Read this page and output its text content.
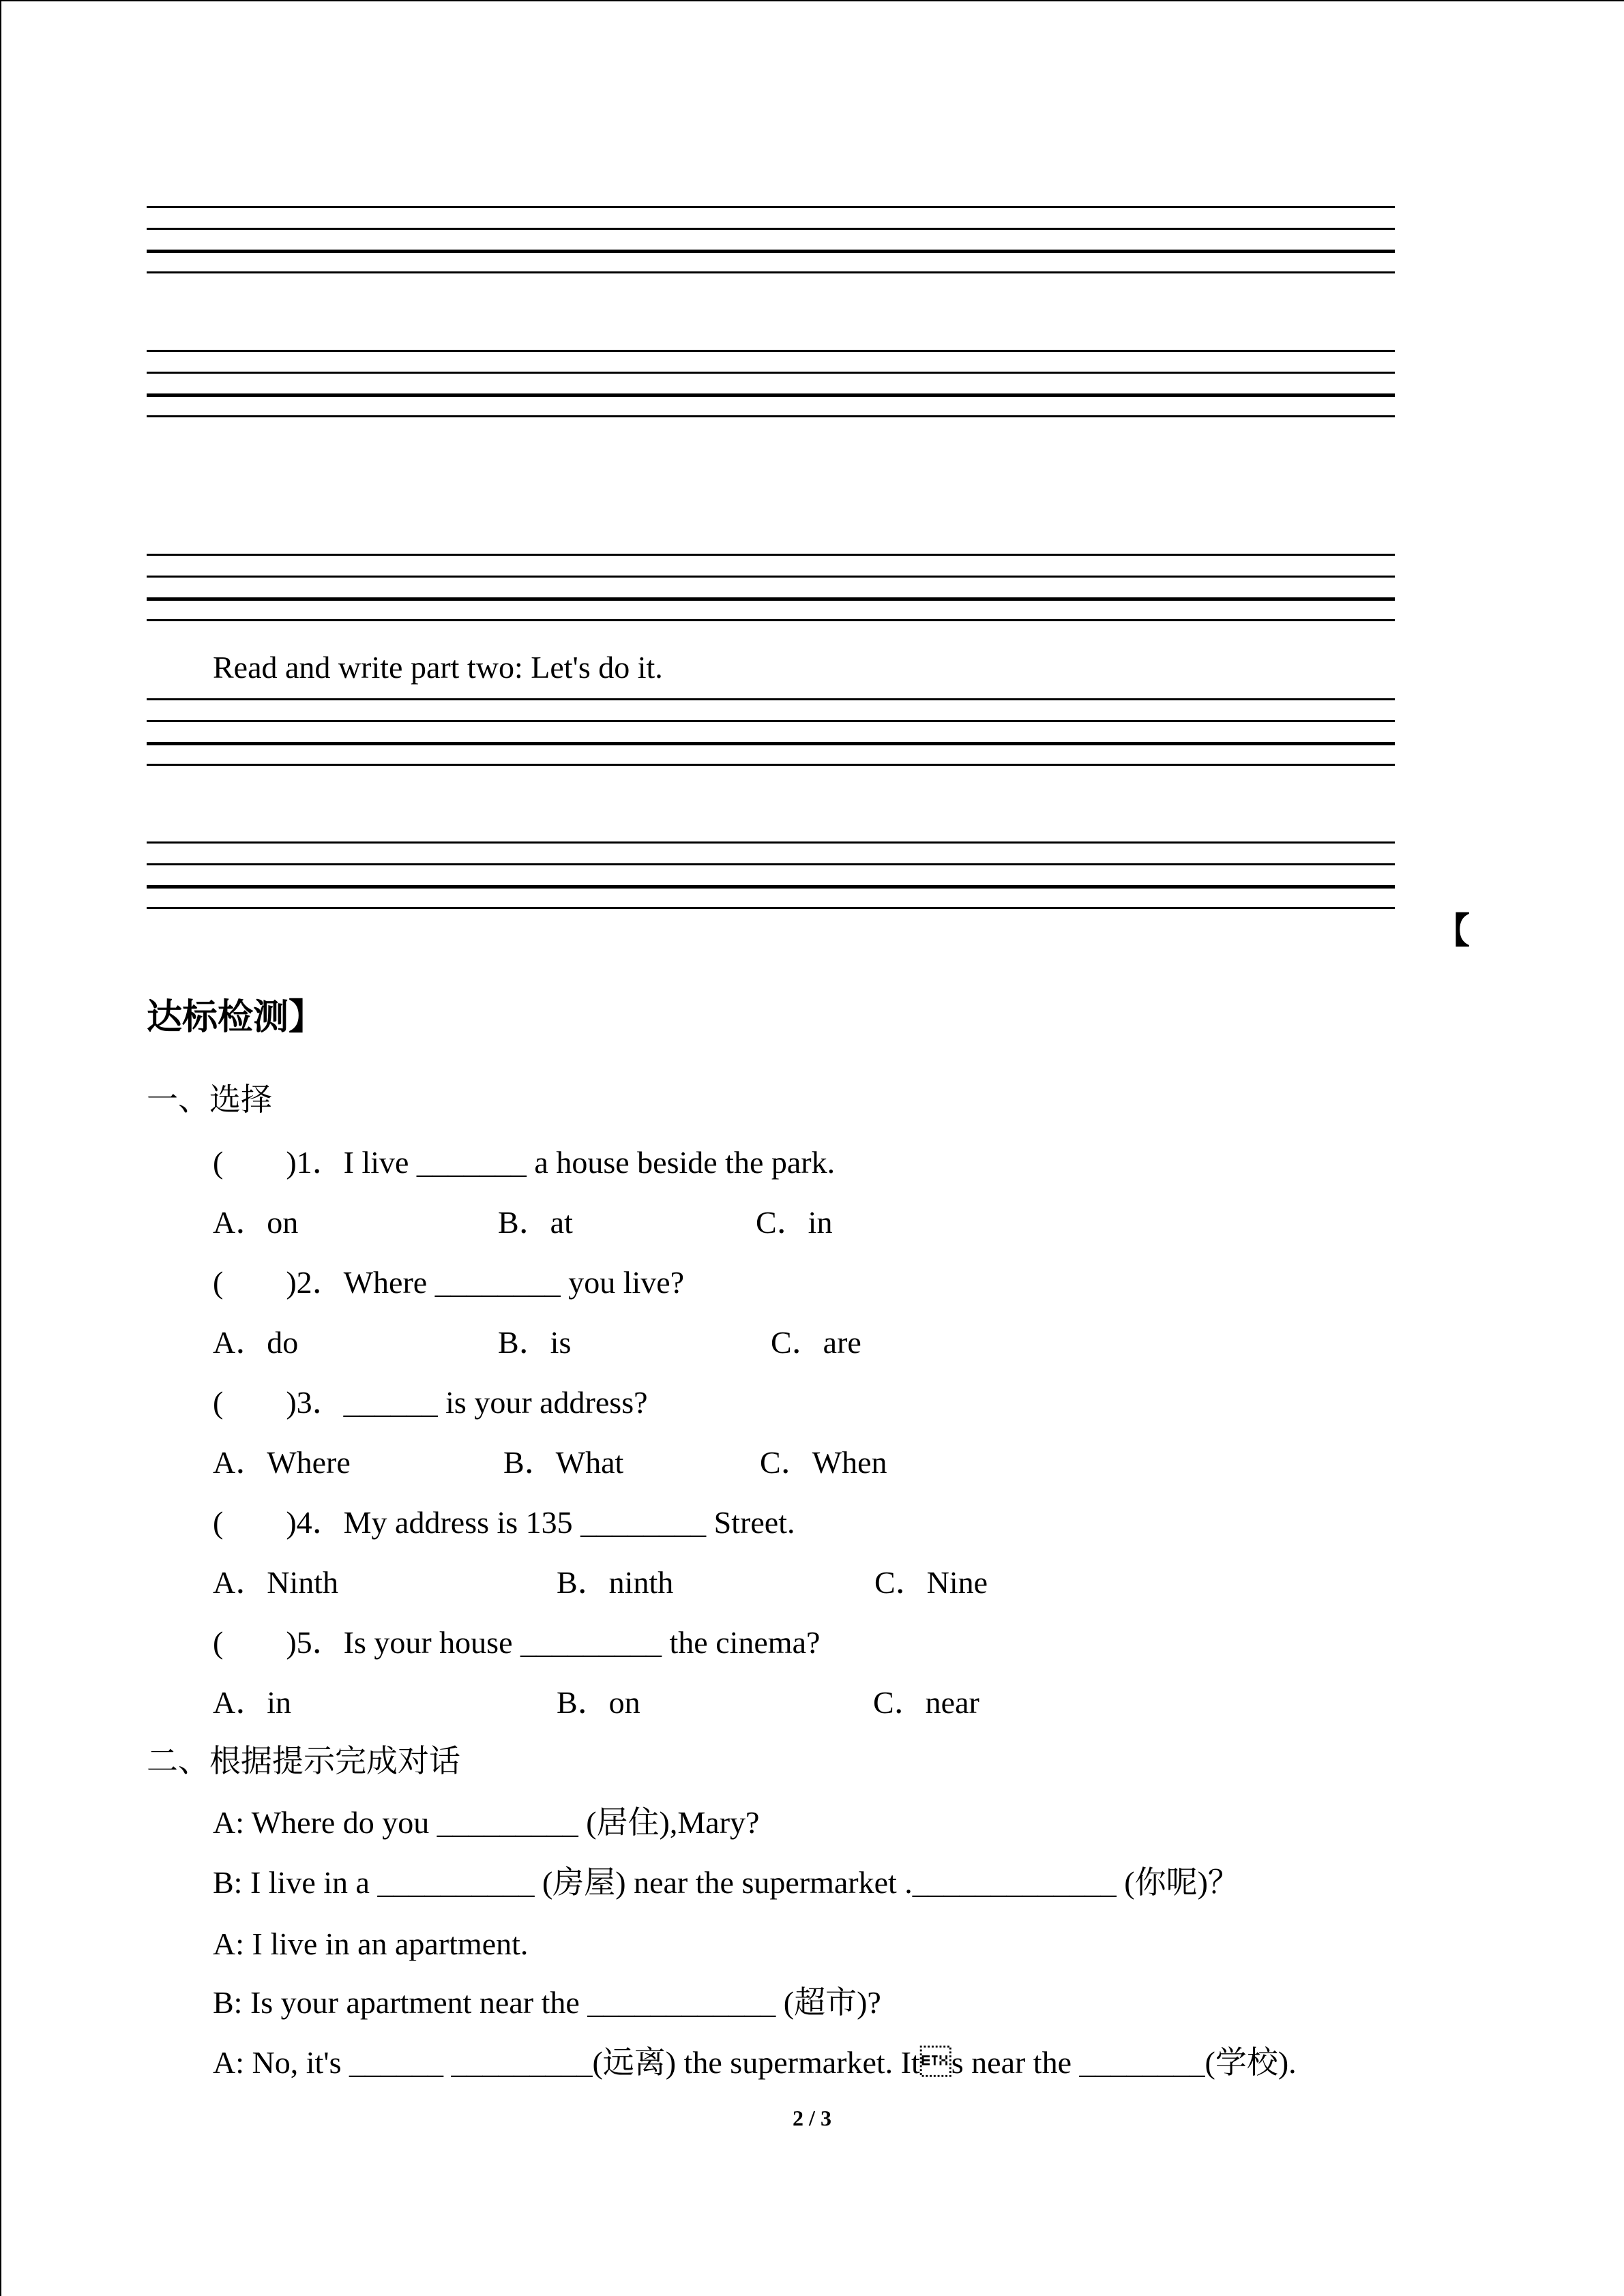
Read and write part two: Let's do it.
【
达标检测】
一、选择
(        )1．I live _______ a house beside the park.
A．on	B．at	C．in
(        )2．Where ________ you live?
A．do	B．is	C．are
(        )3．______ is your address?
A．Where	B．What	C．When
(        )4．My address is 135 ________ Street.
A．Ninth	B．ninth	C．Nine
(        )5．Is your house _________ the cinema?
A．in	B．on	C．near
二、根据提示完成对话
A: Where do you _________ (居住),Mary?
B: I live in a __________ (房屋) near the supermarket ._____________ (你呢)？
A: I live in an apartment.
B: Is your apartment near the ____________ (超市)?
A: No, it's ______ _________(远离) the supermarket. Its near the ________(学校).
2 / 3
